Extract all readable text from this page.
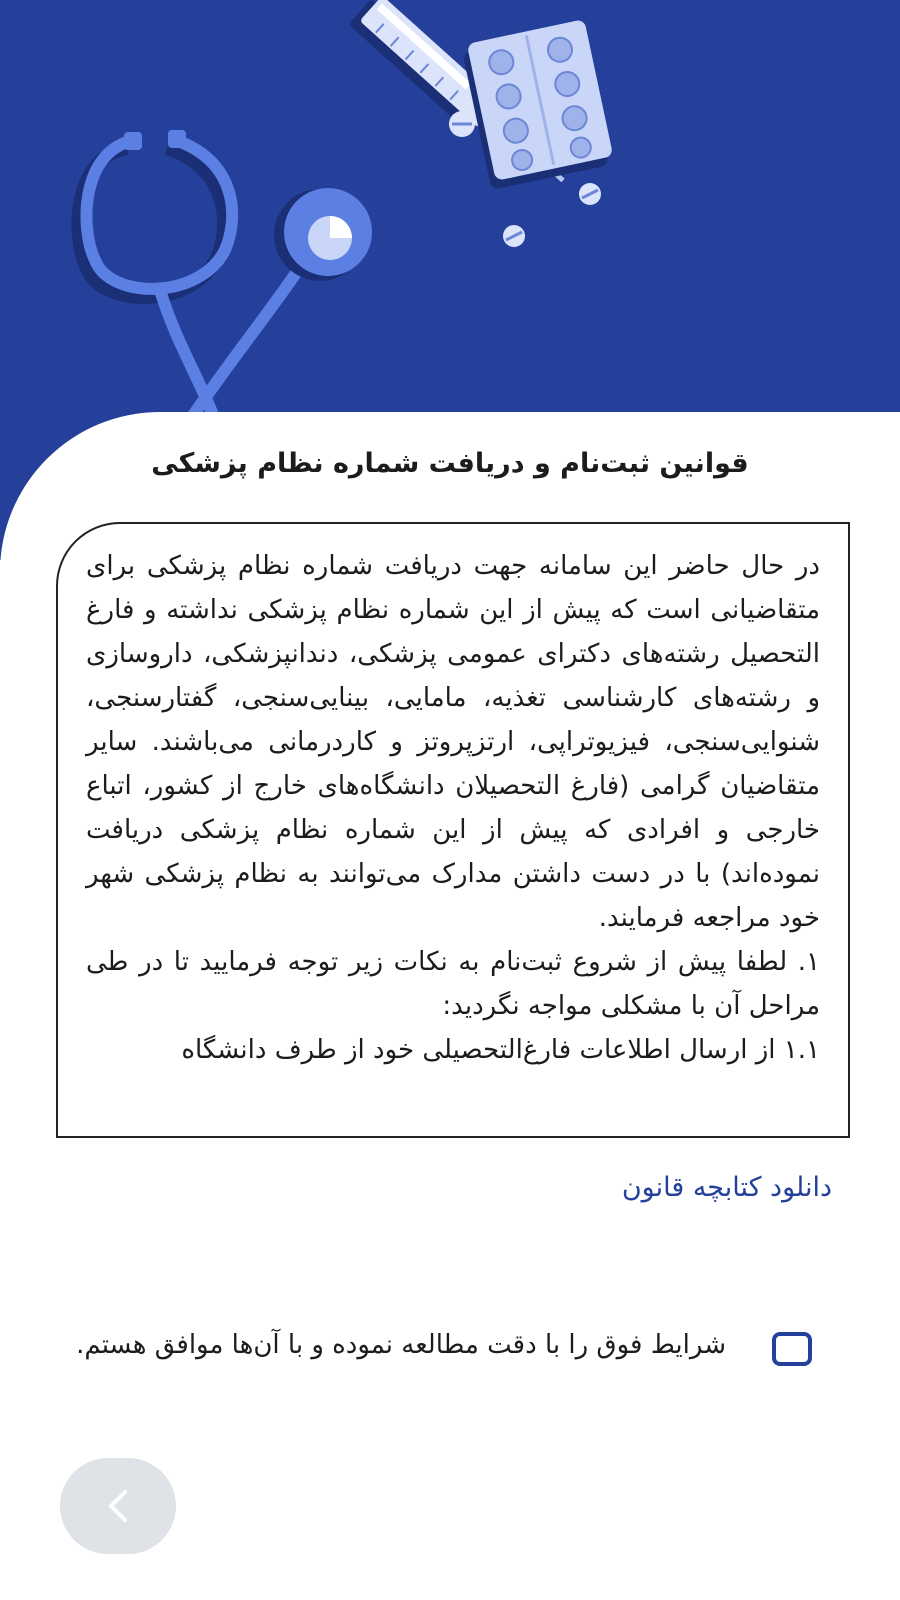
قوانین ثبت‌نام و دریافت شماره نظام پزشکی

در حال حاضر این سامانه جهت دریافت شماره نظام پزشکی برای متقاضیانی است که پیش از این شماره نظام پزشکی نداشته و فارغ التحصیل رشته‌های دکترای عمومی پزشکی، دندانپزشکی، داروسازی و رشته‌های کارشناسی تغذیه، مامایی، بینایی‌سنجی، گفتارسنجی، شنوایی‌سنجی، فیزیوتراپی، ارتزپروتز و کاردرمانی می‌باشند. سایر متقاضیان گرامی (فارغ التحصیلان دانشگاه‌های خارج از کشور، اتباع خارجی و افرادی که پیش از این شماره نظام پزشکی دریافت نموده‌اند) با در دست داشتن مدارک می‌توانند به نظام پزشکی شهر خود مراجعه فرمایند.

۱. لطفا پیش از شروع ثبت‌نام به نکات زیر توجه فرمایید تا در طی مراحل آن با مشکلی مواجه نگردید:

۱.۱ از ارسال اطلاعات فارغ‌التحصیلی خود از طرف دانشگاه

دانلود کتابچه قانون
شرایط فوق را با دقت مطالعه نموده و با آن‌ها موافق هستم.
